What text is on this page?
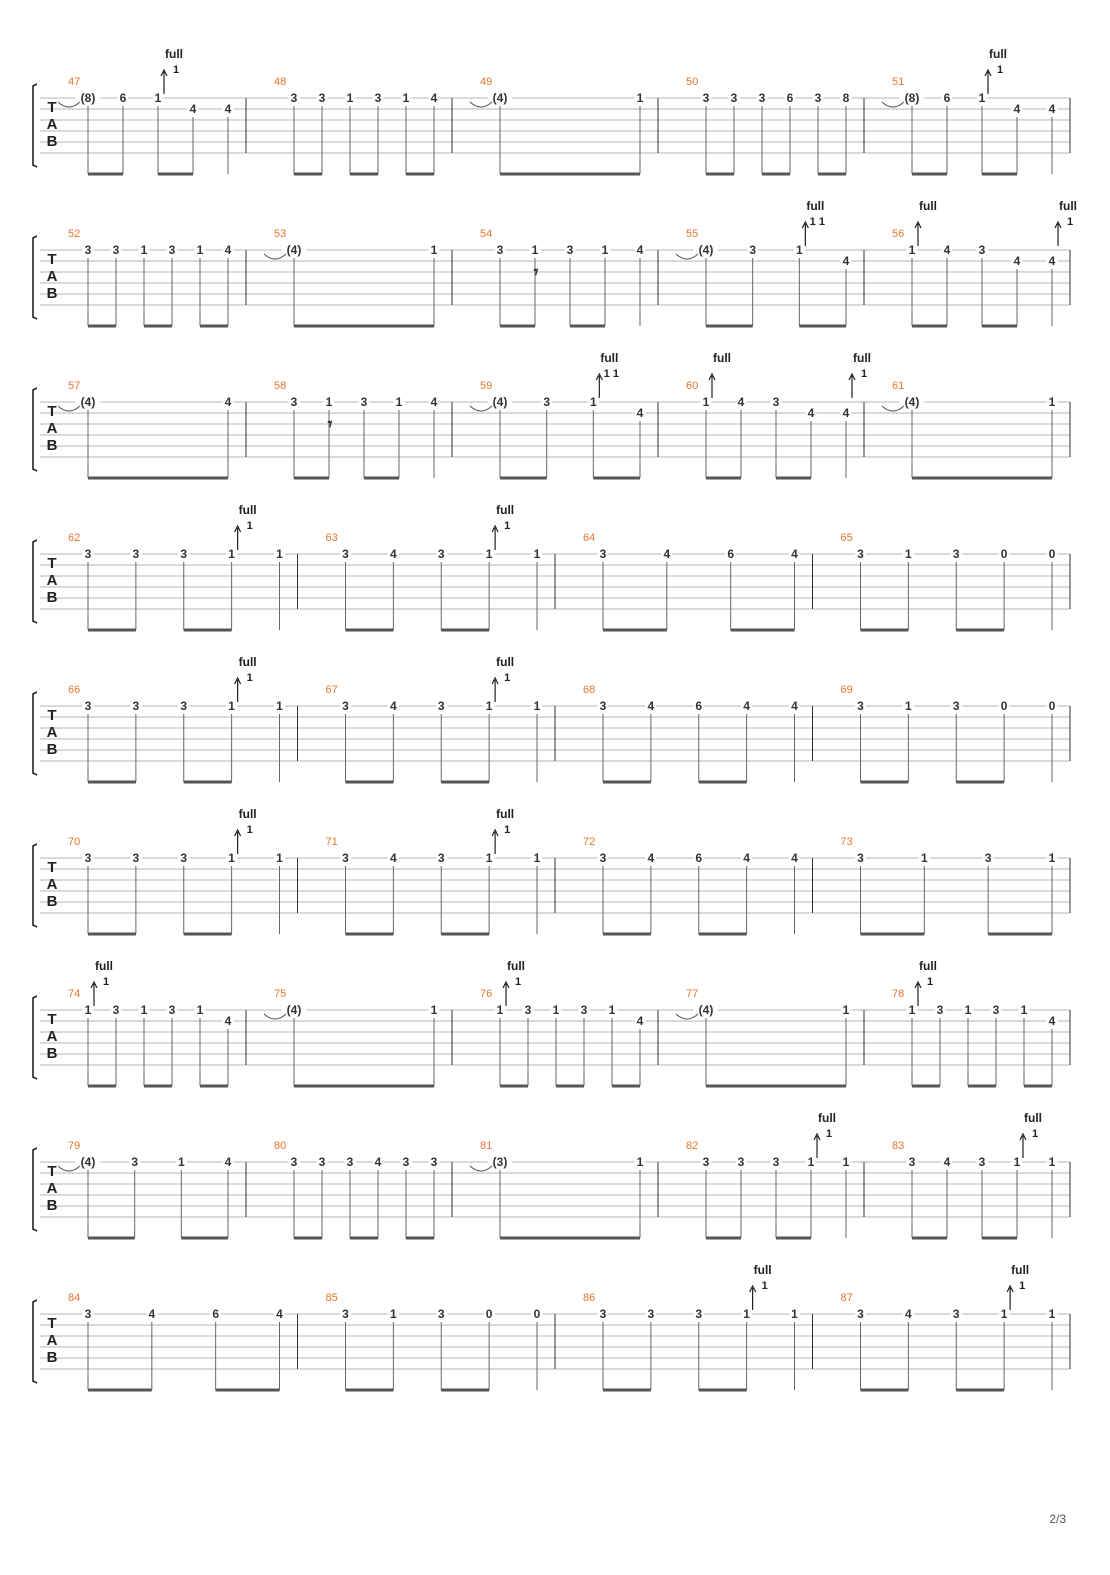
T
A
B
47
(8) 6 1
4 4
full
1
48
3 3 1 3 1 4
49
(4)	1
50
3 3 3 6 3 8
51
(8) 6 1
4 4
full
1
T
A
B
52
3 3 1 3 1 4
53
(4)	1
54
3 1 3 1 4
𝄾
55
(4)	3	1
4
full
1 1
56
1 4 3
4 4
full	full
1
T
A
B
57
(4)	4
58
3 1 3 1 4
𝄾
59
(4)	3	1
4
full
1 1
60
1 4 3
4 4
full	full
1
61
(4)	1
T
A
B
62
3	3	3	1	1
full
1
63
3	4	3	1	1
full
1
64
3	4	6	4
65
3	1	3	0	0
T
A
B
66
3	3	3	1	1
full
1
67
3	4	3	1	1
full
1
68
3	4	6	4	4
69
3	1	3	0	0
T
A
B
70
3	3	3	1	1
full
1
71
3	4	3	1	1
full
1
72
3	4	6	4	4
73
3	1	3	1
T
A
B
74
1 3 1 3 1
4
full
1
75
(4)	1
76
1 3 1 3 1
4
full
1
77
(4)	1
78
1 3 1 3 1
4
full
1
T
A
B
79
(4)	3	1	4
80
3 3 3 4 3 3
81
(3)	1
82
3 3 3 1 1
full
1
83
3 4 3 1 1
full
1
T
A
B
84
3	4	6	4
85
3	1	3	0	0
86
3	3	3	1	1
full
1
87
3	4	3	1	1
full
1
2/3
